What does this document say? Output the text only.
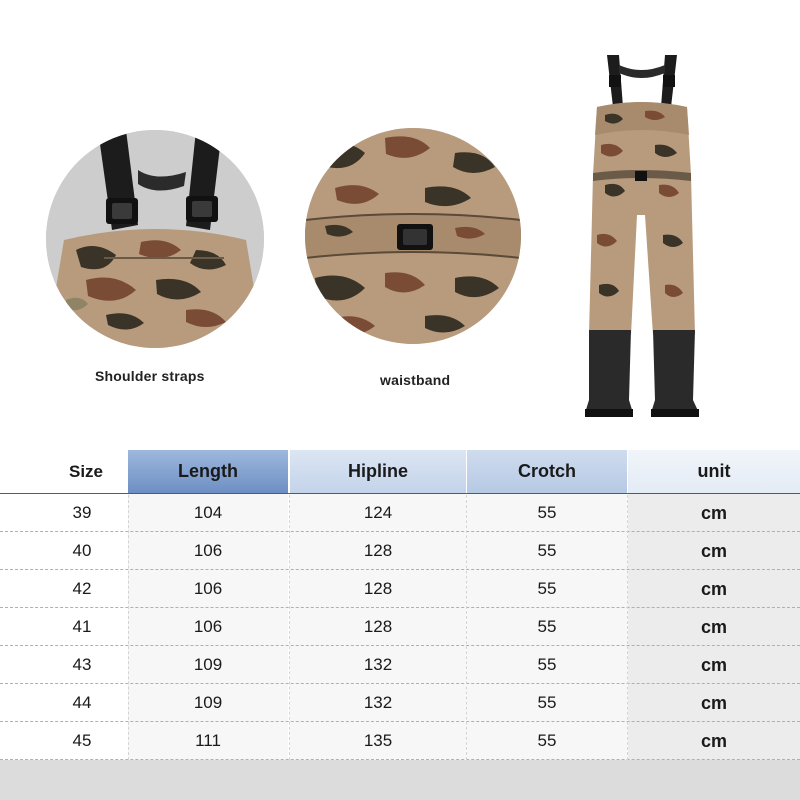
Shoulder straps	waistband
Size	Length	Hipline	Crotch	unit
39	104	124	55	cm
40	106	128	55	cm
42	106	128	55	cm
41	106	128	55	cm
43	109	132	55	cm
44	109	132	55	cm
45	111	135	55	cm
